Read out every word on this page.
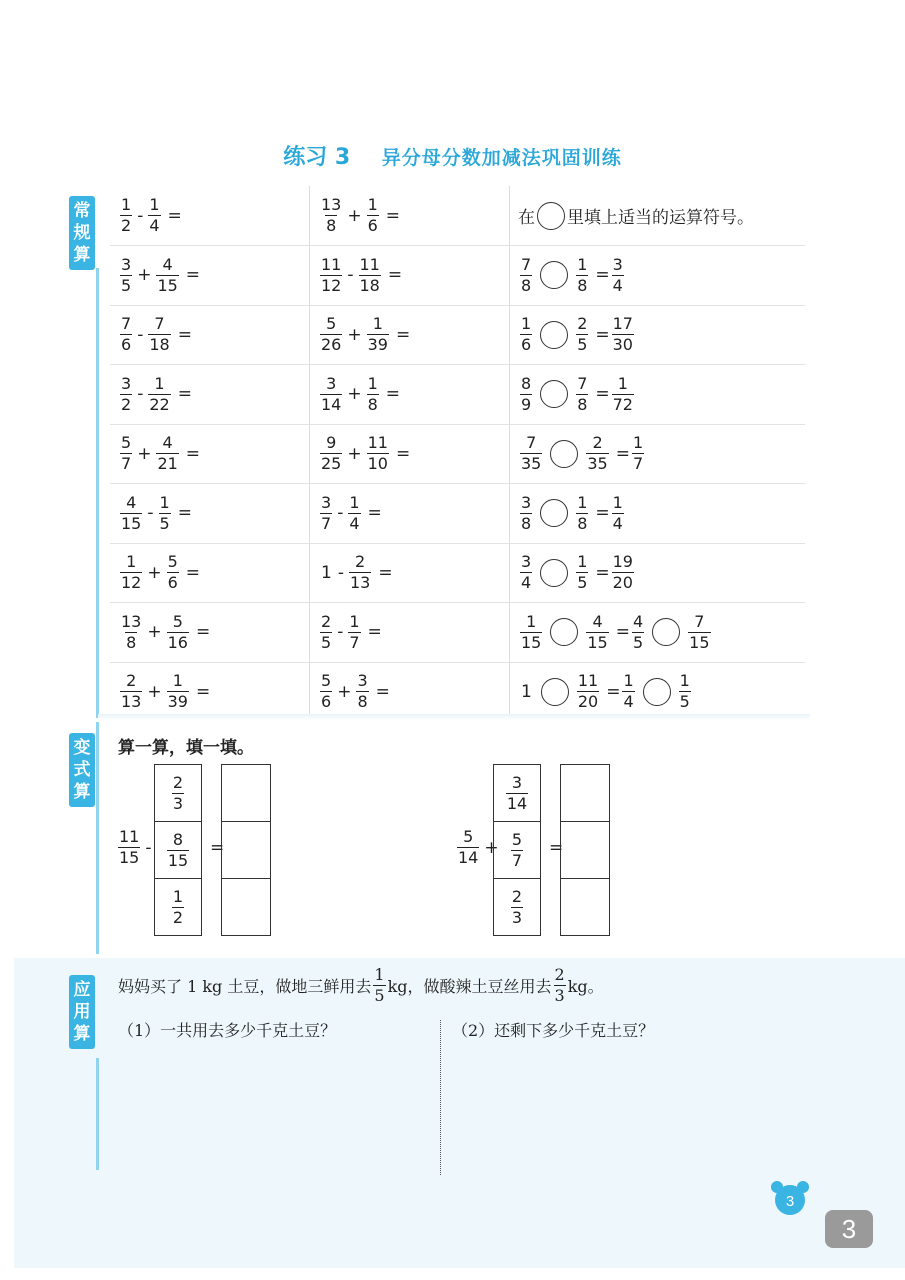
练习 3 异分母分数加减法巩固训练
常
规
算
变
式
算
应
用
算
$\frac{1}{2} - \frac{1}{4}$ =	$\frac{13}{8} + \frac{1}{6}$ =	在 里填上适当的运算符号。
$\frac{3}{5} + \frac{4}{15}$ =	$\frac{11}{12} - \frac{11}{18}$ =	$\frac{7}{8}$	$\frac{1}{8} = \frac{3}{4}$
$\frac{7}{6} - \frac{7}{18}$ =	$\frac{5}{26} + \frac{1}{39}$ =	$\frac{1}{6}$	$\frac{2}{5} = \frac{17}{30}$
$\frac{3}{2} - \frac{1}{22}$ =	$\frac{3}{14} + \frac{1}{8}$ =	$\frac{8}{9}$	$\frac{7}{8} = \frac{1}{72}$
$\frac{5}{7} + \frac{4}{21}$ =	$\frac{9}{25} + \frac{11}{10}$ =	$\frac{7}{35}$	$\frac{2}{35} = \frac{1}{7}$
$\frac{4}{15} - \frac{1}{5}$ =	$\frac{3}{7} - \frac{1}{4}$ =	$\frac{3}{8}$	$\frac{1}{8} = \frac{1}{4}$
$\frac{1}{12} + \frac{5}{6}$ =	$1 - \frac{2}{13}$ =	$\frac{3}{4}$	$\frac{1}{5} = \frac{19}{20}$
$\frac{13}{8} + \frac{5}{16}$ =	$\frac{2}{5} - \frac{1}{7}$ =	$\frac{1}{15}$	$\frac{4}{15} = \frac{4}{5}$	$\frac{7}{15}$
$\frac{2}{13} + \frac{1}{39}$ =	$\frac{5}{6} + \frac{3}{8}$ =	1	$\frac{11}{20} = \frac{1}{4}$	$\frac{1}{5}$
算一算，填一填。
$\frac{11}{15}$ -
$\frac{2}{3}$
$\frac{8}{15}$
$\frac{1}{2}$
=	$\frac{5}{14}$ +
$\frac{3}{14}$
$\frac{5}{7}$
$\frac{2}{3}$
=
妈妈买了 1 kg 土豆，做地三鲜用去 $\frac{1}{5}$ kg，做酸辣土豆丝用去 $\frac{2}{3}$ kg。
（1）一共用去多少千克土豆？	（2）还剩下多少千克土豆？
3
3
